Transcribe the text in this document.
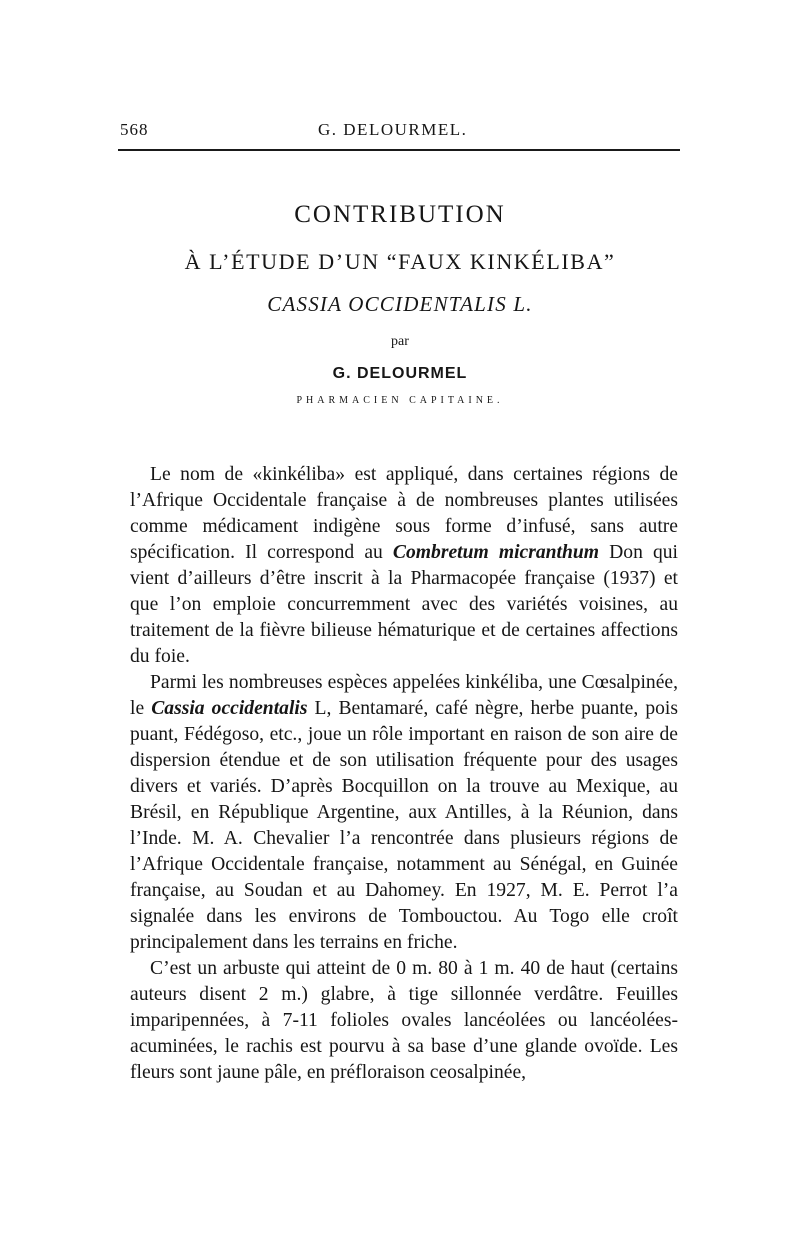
568	G. DELOURMEL.
CONTRIBUTION
À L’ÉTUDE D’UN “FAUX KINKÉLIBA”
CASSIA OCCIDENTALIS L.
par
G. DELOURMEL
PHARMACIEN CAPITAINE.

Le nom de «kinkéliba» est appliqué, dans certaines régions de l’Afrique Occidentale française à de nombreuses plantes utilisées comme médicament indigène sous forme d’infusé, sans autre spécification. Il correspond au Combretum micranthum Don qui vient d’ailleurs d’être inscrit à la Pharmacopée française (1937) et que l’on emploie concurremment avec des variétés voisines, au traitement de la fièvre bilieuse hématurique et de certaines affections du foie.

Parmi les nombreuses espèces appelées kinkéliba, une Cœsalpinée, le Cassia occidentalis L, Bentamaré, café nègre, herbe puante, pois puant, Fédégoso, etc., joue un rôle important en raison de son aire de dispersion étendue et de son utilisation fréquente pour des usages divers et variés. D’après Bocquillon on la trouve au Mexique, au Brésil, en République Argentine, aux Antilles, à la Réunion, dans l’Inde. M. A. Chevalier l’a rencontrée dans plusieurs régions de l’Afrique Occidentale française, notamment au Sénégal, en Guinée française, au Soudan et au Dahomey. En 1927, M. E. Perrot l’a signalée dans les environs de Tombouctou. Au Togo elle croît principalement dans les terrains en friche.

C’est un arbuste qui atteint de 0 m. 80 à 1 m. 40 de haut (certains auteurs disent 2 m.) glabre, à tige sillonnée verdâtre. Feuilles imparipennées, à 7-11 folioles ovales lancéolées ou lancéolées-acuminées, le rachis est pourvu à sa base d’une glande ovoïde. Les fleurs sont jaune pâle, en préfloraison ceosalpinée,
